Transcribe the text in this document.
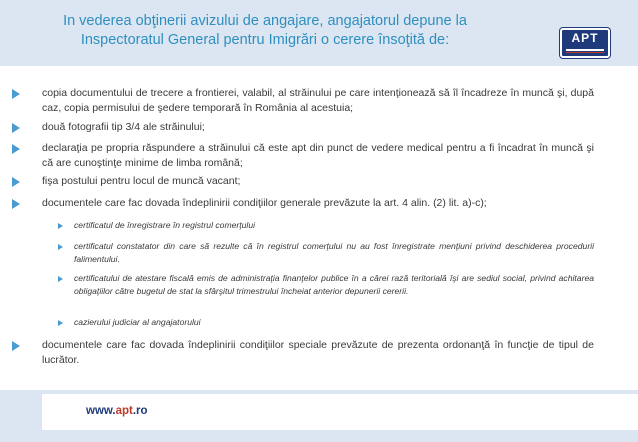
In vederea obţinerii avizului de angajare, angajatorul depune la
Inspectoratul General pentru Imigrări o cerere însoţită de:	APT
copia documentului de trecere a frontierei, valabil, al străinului pe care intenţionează să îl încadreze în muncă şi, după caz, copia permisului de şedere temporară în România al acestuia;
două fotografii tip 3/4 ale străinului;
declaraţia pe propria răspundere a străinului că este apt din punct de vedere medical pentru a fi încadrat în muncă şi că are cunoştinţe minime de limba română;
fişa postului pentru locul de muncă vacant;
documentele care fac dovada îndeplinirii condiţiilor generale prevăzute la art. 4 alin. (2) lit. a)-c);
certificatul de înregistrare în registrul comerţului
certificatul constatator din care să rezulte că în registrul comerţului nu au fost înregistrate menţiuni privind deschiderea procedurii falimentului.
certificatului de atestare fiscală emis de administraţia finanţelor publice în a cărei rază teritorială îşi are sediul social, privind achitarea obligaţiilor către bugetul de stat la sfârşitul trimestrului încheiat anterior depunerii cererii.
cazierului judiciar al angajatorului
documentele care fac dovada îndeplinirii condiţiilor speciale prevăzute de prezenta ordonanţă în funcţie de tipul de lucrător.
www.apt.ro
